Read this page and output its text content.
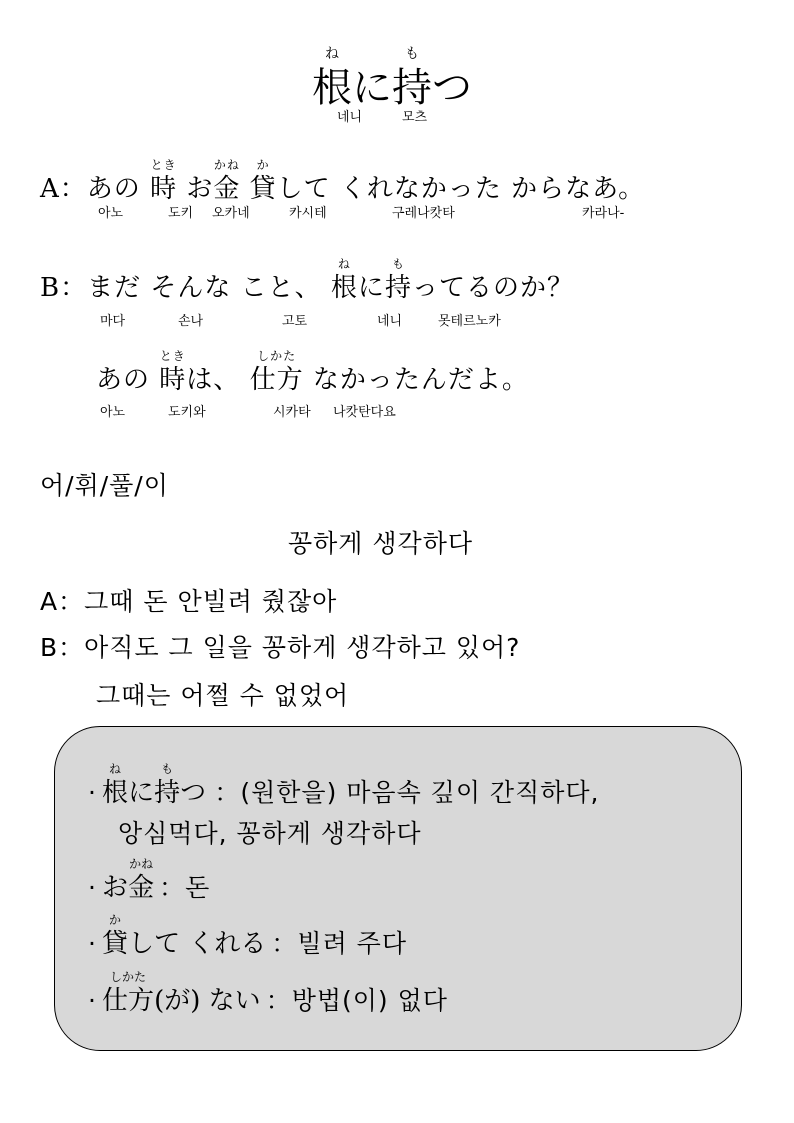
ね
根に
も
持つ
네니	모츠
A：あの
とき
時 お
かね
金
か
貸して くれなかった からなあ。
아노	도키 오카네	카시테	구레나캇타	카라나-
B：まだ そんな こと、
ね
根に
も
持ってるのか？
마다	손나	고토	네니	못테르노카
あの
とき
時は、
しかた
仕方 なかったんだよ。
아노	도키와	시카타 나캇탄다요
어/휘/풀/이
꽁하게 생각하다
A：그때 돈 안빌려 줬잖아
B：아직도 그 일을 꽁하게 생각하고 있어?
그때는 어쩔 수 없었어
·
ね
根に
も
持つ ：(원한을) 마음속 깊이 간직하다,
앙심먹다, 꽁하게 생각하다
· お
かね
金 ：돈
·
か
貸して くれる ：빌려 주다
·
しかた
仕方(が) ない ：방법(이) 없다
